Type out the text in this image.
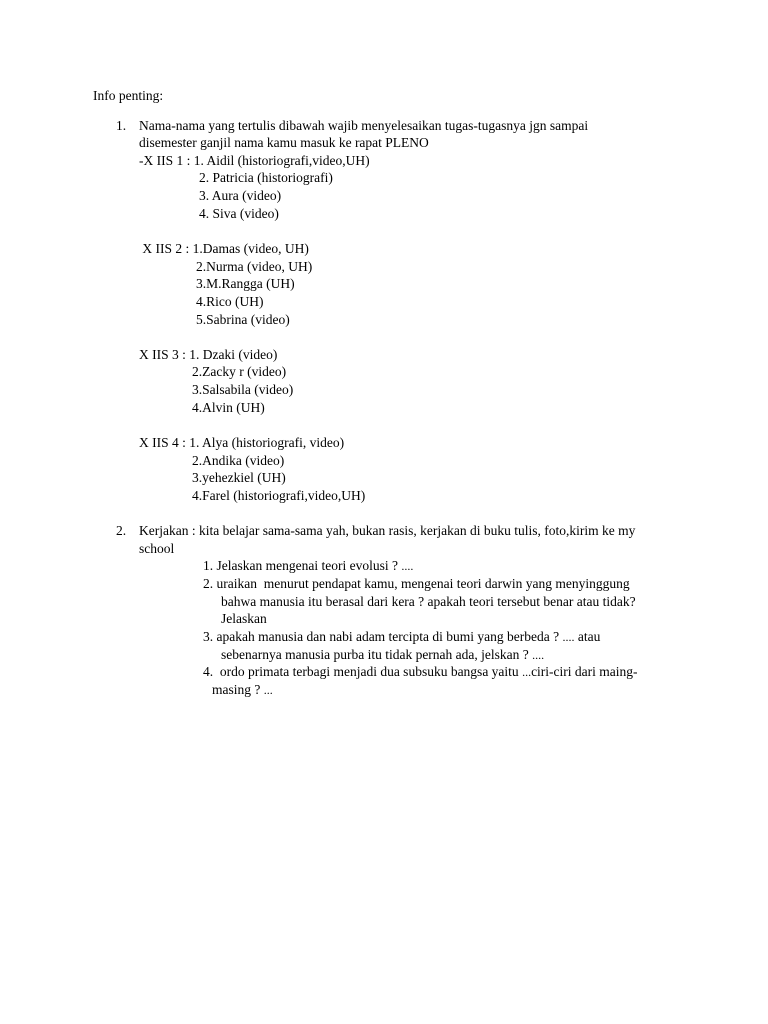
Info penting:
1. Nama-nama yang tertulis dibawah wajib menyelesaikan tugas-tugasnya jgn sampai
disemester ganjil nama kamu masuk ke rapat PLENO
-X IIS 1 : 1. Aidil (historiografi,video,UH)
2. Patricia (historiografi)
3. Aura (video)
4. Siva (video)
X IIS 2 : 1.Damas (video, UH)
2.Nurma (video, UH)
3.M.Rangga (UH)
4.Rico (UH)
5.Sabrina (video)
X IIS 3 : 1. Dzaki (video)
2.Zacky r (video)
3.Salsabila (video)
4.Alvin (UH)
X IIS 4 : 1. Alya (historiografi, video)
2.Andika (video)
3.yehezkiel (UH)
4.Farel (historiografi,video,UH)
2. Kerjakan : kita belajar sama-sama yah, bukan rasis, kerjakan di buku tulis, foto,kirim ke my
school
1. Jelaskan mengenai teori evolusi ? ....
2. uraikan  menurut pendapat kamu, mengenai teori darwin yang menyinggung
bahwa manusia itu berasal dari kera ? apakah teori tersebut benar atau tidak?
Jelaskan
3. apakah manusia dan nabi adam tercipta di bumi yang berbeda ? .... atau
sebenarnya manusia purba itu tidak pernah ada, jelskan ? ....
4.  ordo primata terbagi menjadi dua subsuku bangsa yaitu ...ciri-ciri dari maing-
masing ? ...
